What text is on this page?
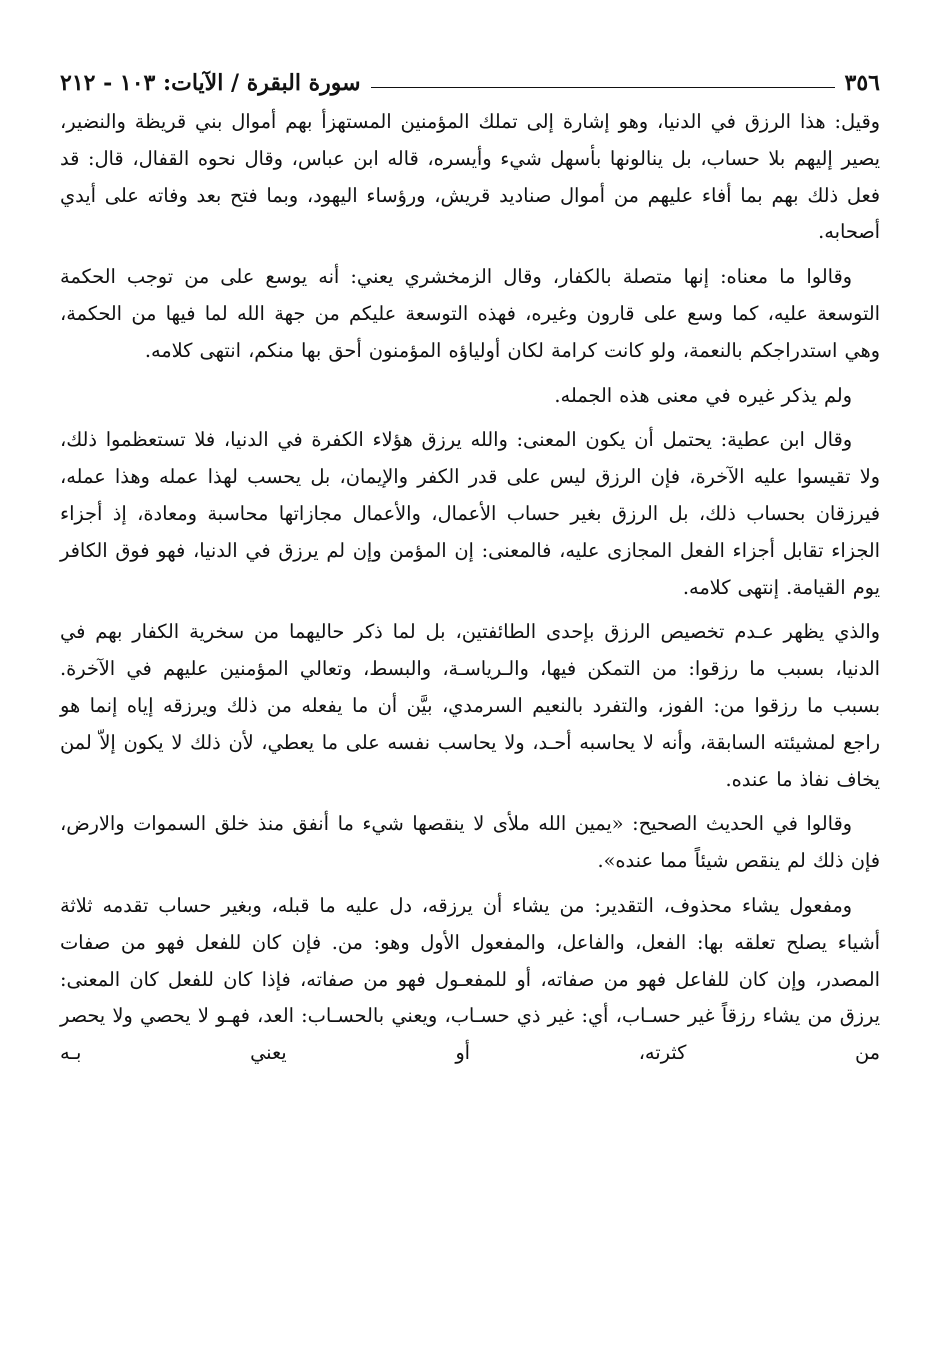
٣٥٦
سورة البقرة / الآيات: ١٠٣ - ٢١٢

وقيل: هذا الرزق في الدنيا، وهو إشارة إلى تملك المؤمنين المستهزأ بهم أموال بني قريظة والنضير، يصير إليهم بلا حساب، بل ينالونها بأسهل شيء وأيسره، قاله ابن عباس، وقال نحوه القفال، قال: قد فعل ذلك بهم بما أفاء عليهم من أموال صناديد قريش، ورؤساء اليهود، وبما فتح بعد وفاته على أيدي أصحابه.

وقالوا ما معناه: إنها متصلة بالكفار، وقال الزمخشري يعني: أنه يوسع على من توجب الحكمة التوسعة عليه، كما وسع على قارون وغيره، فهذه التوسعة عليكم من جهة الله لما فيها من الحكمة، وهي استدراجكم بالنعمة، ولو كانت كرامة لكان أولياؤه المؤمنون أحق بها منكم، انتهى كلامه.

ولم يذكر غيره في معنى هذه الجمله.

وقال ابن عطية: يحتمل أن يكون المعنى: والله يرزق هؤلاء الكفرة في الدنيا، فلا تستعظموا ذلك، ولا تقيسوا عليه الآخرة، فإن الرزق ليس على قدر الكفر والإيمان، بل يحسب لهذا عمله وهذا عمله، فيرزقان بحساب ذلك، بل الرزق بغير حساب الأعمال، والأعمال مجازاتها محاسبة ومعادة، إذ أجزاء الجزاء تقابل أجزاء الفعل المجازى عليه، فالمعنى: إن المؤمن وإن لم يرزق في الدنيا، فهو فوق الكافر يوم القيامة. إنتهى كلامه.

والذي يظهر عـدم تخصيص الرزق بإحدى الطائفتين، بل لما ذكر حاليهما من سخرية الكفار بهم في الدنيا، بسبب ما رزقوا: من التمكن فيها، والـرياسـة، والبسط، وتعالي المؤمنين عليهم في الآخرة. بسبب ما رزقوا من: الفوز، والتفرد بالنعيم السرمدي، بيَّن أن ما يفعله من ذلك ويرزقه إياه إنما هو راجع لمشيئته السابقة، وأنه لا يحاسبه أحـد، ولا يحاسب نفسه على ما يعطي، لأن ذلك لا يكون إلاّ لمن يخاف نفاذ ما عنده.

وقالوا في الحديث الصحيح: «يمين الله ملأى لا ينقصها شيء ما أنفق منذ خلق السموات والارض، فإن ذلك لم ينقص شيئاً مما عنده».

ومفعول يشاء محذوف، التقدير: من يشاء أن يرزقه، دل عليه ما قبله، وبغير حساب تقدمه ثلاثة أشياء يصلح تعلقه بها: الفعل، والفاعل، والمفعول الأول وهو: من. فإن كان للفعل فهو من صفات المصدر، وإن كان للفاعل فهو من صفاته، أو للمفعـول فهو من صفاته، فإذا كان للفعل كان المعنى: يرزق من يشاء رزقاً غير حسـاب، أي: غير ذي حسـاب، ويعني بالحسـاب: العد، فهـو لا يحصي ولا يحصر من كثرته، أو يعني بـه
